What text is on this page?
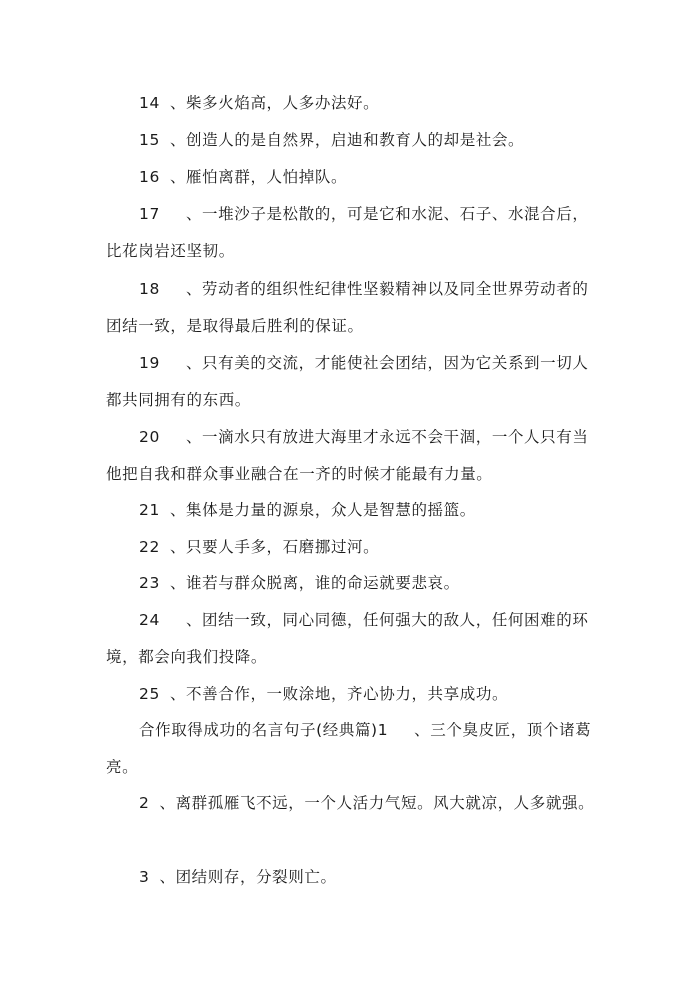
14 、柴多火焰高，人多办法好。
15 、创造人的是自然界，启迪和教育人的却是社会。
16 、雁怕离群，人怕掉队。
17 、一堆沙子是松散的，可是它和水泥、石子、水混合后，
比花岗岩还坚韧。
18 、劳动者的组织性纪律性坚毅精神以及同全世界劳动者的
团结一致，是取得最后胜利的保证。
19 、只有美的交流，才能使社会团结，因为它关系到一切人
都共同拥有的东西。
20 、一滴水只有放进大海里才永远不会干涸，一个人只有当
他把自我和群众事业融合在一齐的时候才能最有力量。
21 、集体是力量的源泉，众人是智慧的摇篮。
22 、只要人手多，石磨挪过河。
23 、谁若与群众脱离，谁的命运就要悲哀。
24 、团结一致，同心同德，任何强大的敌人，任何困难的环
境，都会向我们投降。
25 、不善合作，一败涂地，齐心协力，共享成功。
合作取得成功的名言句子(经典篇)1 、三个臭皮匠，顶个诸葛
亮。
2 、离群孤雁飞不远，一个人活力气短。风大就凉，人多就强。
3 、团结则存，分裂则亡。
